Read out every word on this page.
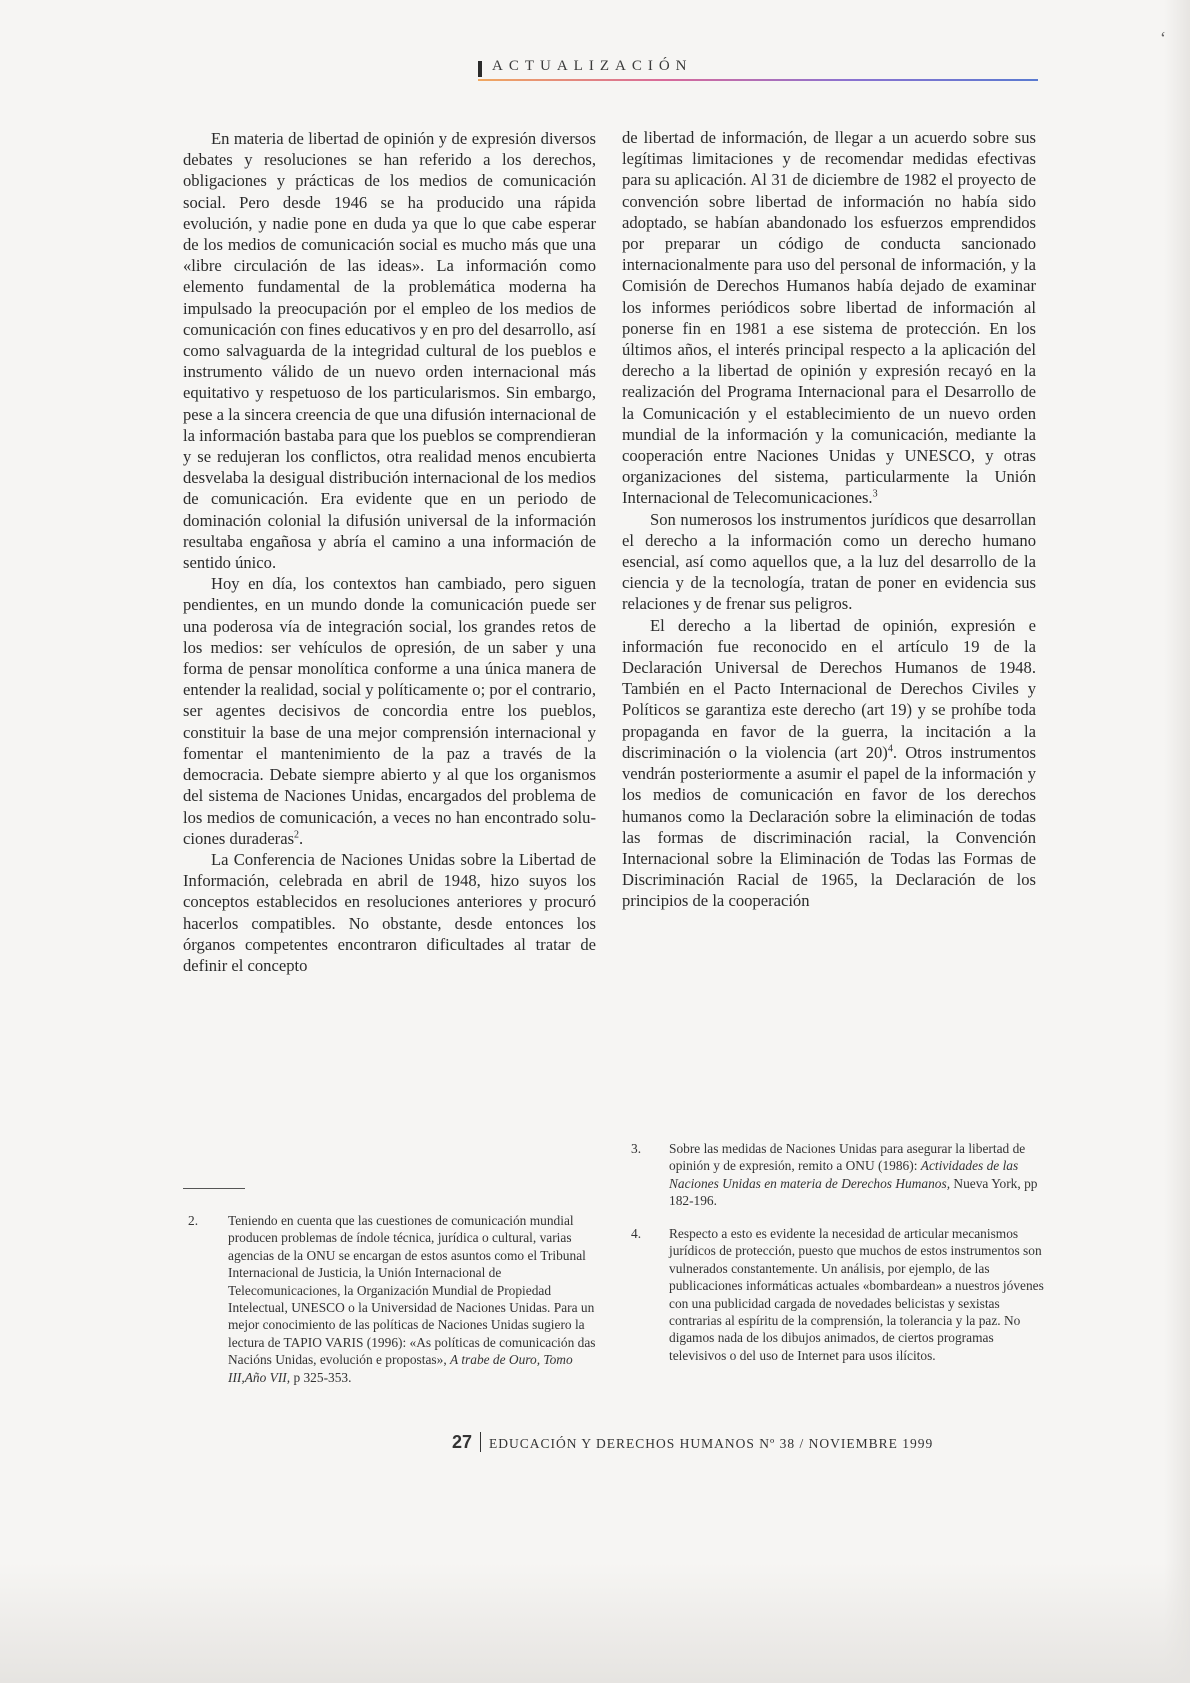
‘
ACTUALIZACIÓN

En materia de libertad de opinión y de expresión diversos debates y resoluciones se han referido a los derechos, obligaciones y prácticas de los medios de comunicación social. Pero desde 1946 se ha producido una rápida evolución, y nadie pone en duda ya que lo que cabe esperar de los medios de comunicación social es mucho más que una «libre circulación de las ideas». La información como elemento fundamental de la problemática moderna ha impulsado la preocupación por el empleo de los medios de comunicación con fines educativos y en pro del desarrollo, así como salvaguarda de la integridad cultural de los pueblos e instrumento válido de un nuevo orden internacional más equitativo y respetuoso de los particularismos. Sin embargo, pese a la sincera creencia de que una difusión internacional de la información bastaba para que los pueblos se comprendieran y se redujeran los conflictos, otra realidad menos encubierta desvelaba la desigual distribución internacional de los medios de comunicación. Era evidente que en un periodo de dominación colonial la difusión universal de la información resultaba engañosa y abría el camino a una información de sentido único.

Hoy en día, los contextos han cambiado, pero siguen pendientes, en un mundo donde la comunicación puede ser una poderosa vía de integración social, los grandes retos de los medios: ser vehículos de opresión, de un saber y una forma de pensar monolítica conforme a una única manera de entender la realidad, social y políticamente o; por el contrario, ser agentes decisivos de concordia entre los pueblos, constituir la base de una mejor comprensión internacional y fomentar el mantenimiento de la paz a través de la democracia. Debate siempre abierto y al que los organismos del sistema de Naciones Unidas, encargados del problema de los medios de comunicación, a veces no han encontrado soluciones duraderas$^2$.

La Conferencia de Naciones Unidas sobre la Libertad de Información, celebrada en abril de 1948, hizo suyos los conceptos establecidos en resoluciones anteriores y procuró hacerlos compatibles. No obstante, desde entonces los órganos competentes encontraron dificultades al tratar de definir el concepto

de libertad de información, de llegar a un acuerdo sobre sus legítimas limitaciones y de recomendar medidas efectivas para su aplicación. Al 31 de diciembre de 1982 el proyecto de convención sobre libertad de información no había sido adoptado, se habían abandonado los esfuerzos emprendidos por preparar un código de conducta sancionado internacionalmente para uso del personal de información, y la Comisión de Derechos Humanos había dejado de examinar los informes periódicos sobre libertad de información al ponerse fin en 1981 a ese sistema de protección. En los últimos años, el interés principal respecto a la aplicación del derecho a la libertad de opinión y expresión recayó en la realización del Programa Internacional para el Desarrollo de la Comunicación y el establecimiento de un nuevo orden mundial de la información y la comunicación, mediante la cooperación entre Naciones Unidas y UNESCO, y otras organizaciones del sistema, particularmente la Unión Internacional de Telecomunicaciones.$^3$

Son numerosos los instrumentos jurídicos que desarrollan el derecho a la información como un derecho humano esencial, así como aquellos que, a la luz del desarrollo de la ciencia y de la tecnología, tratan de poner en evidencia sus relaciones y de frenar sus peligros.

El derecho a la libertad de opinión, expresión e información fue reconocido en el artículo 19 de la Declaración Universal de Derechos Humanos de 1948. También en el Pacto Internacional de Derechos Civiles y Políticos se garantiza este derecho (art 19) y se prohíbe toda propaganda en favor de la guerra, la incitación a la discriminación o la violencia (art 20)$^4$. Otros instrumentos vendrán posteriormente a asumir el papel de la información y los medios de comunicación en favor de los derechos humanos como la Declaración sobre la eliminación de todas las formas de discriminación racial, la Convención Internacional sobre la Eliminación de Todas las Formas de Discriminación Racial de 1965, la Declaración de los principios de la cooperación

2. Teniendo en cuenta que las cuestiones de comunicación mundial producen problemas de índole técnica, jurídica o cultural, varias agencias de la ONU se encargan de estos asuntos como el Tribunal Internacional de Justicia, la Unión Internacional de Telecomunicaciones, la Organización Mundial de Propiedad Intelectual, UNESCO o la Universidad de Naciones Unidas. Para un mejor conocimiento de las políticas de Naciones Unidas sugiero la lectura de TAPIO VARIS (1996): «As políticas de comunicación das Nacións Unidas, evolución e propostas», A trabe de Ouro, Tomo III,Año VII, p 325-353.
3. Sobre las medidas de Naciones Unidas para asegurar la libertad de opinión y de expresión, remito a ONU (1986): Actividades de las Naciones Unidas en materia de Derechos Humanos, Nueva York, pp 182-196.
4. Respecto a esto es evidente la necesidad de articular mecanismos jurídicos de protección, puesto que muchos de estos instrumentos son vulnerados constantemente. Un análisis, por ejemplo, de las publicaciones informáticas actuales «bombardean» a nuestros jóvenes con una publicidad cargada de novedades belicistas y sexistas contrarias al espíritu de la comprensión, la tolerancia y la paz. No digamos nada de los dibujos animados, de ciertos programas televisivos o del uso de Internet para usos ilícitos.
27 EDUCACIÓN Y DERECHOS HUMANOS Nº 38 / NOVIEMBRE 1999
